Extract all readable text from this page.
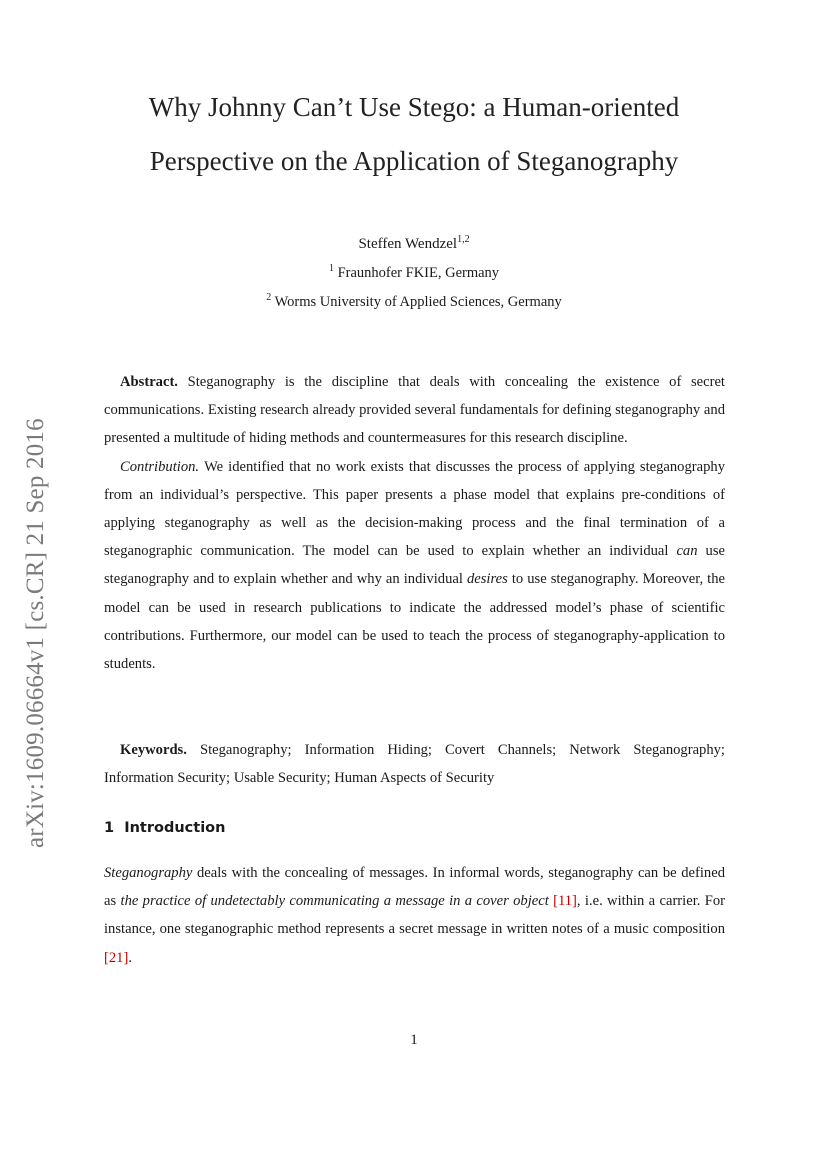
arXiv:1609.06664v1 [cs.CR] 21 Sep 2016
Why Johnny Can’t Use Stego: a Human-oriented
Perspective on the Application of Steganography
Steffen Wendzel$^{1,2}$
$^1$ Fraunhofer FKIE, Germany
$^2$ Worms University of Applied Sciences, Germany
Abstract. Steganography is the discipline that deals with concealing the existence of secret communications. Existing research already provided several fundamentals for defining steganography and presented a multitude of hiding methods and countermeasures for this research discipline.
Contribution. We identified that no work exists that discusses the process of applying steganography from an individual’s perspective. This paper presents a phase model that explains pre-conditions of applying steganography as well as the decision-making process and the final termination of a steganographic communication. The model can be used to explain whether an individual can use steganography and to explain whether and why an individual desires to use steganography. Moreover, the model can be used in research publications to indicate the addressed model’s phase of scientific contributions. Furthermore, our model can be used to teach the process of steganography-application to students.
Keywords. Steganography; Information Hiding; Covert Channels; Network Steganography; Information Security; Usable Security; Human Aspects of Security
1 Introduction
Steganography deals with the concealing of messages. In informal words, steganography can be defined as the practice of undetectably communicating a message in a cover object [11], i.e. within a carrier. For instance, one steganographic method represents a secret message in written notes of a music composition [21].
1
